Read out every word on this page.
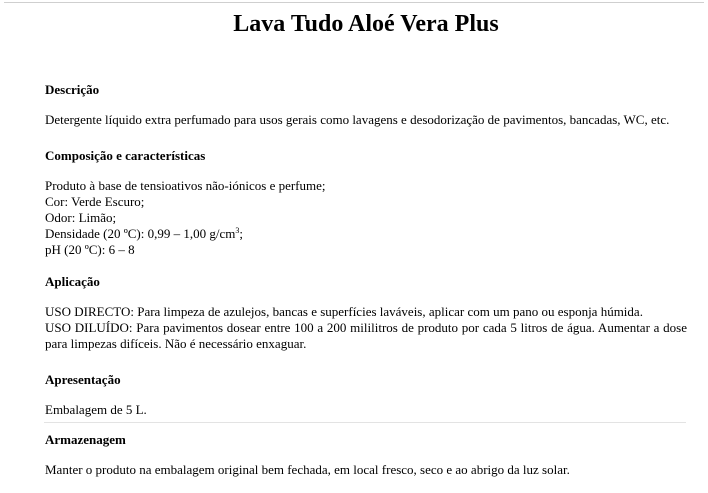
Lava Tudo Aloé Vera Plus
Descrição

Detergente líquido extra perfumado para usos gerais como lavagens e desodorização de pavimentos, bancadas, WC, etc.

Composição e características

Produto à base de tensioativos não-iónicos e perfume;
Cor: Verde Escuro;
Odor: Limão;
Densidade (20 ºC): 0,99 – 1,00 $g/cm^3$;
pH (20 ºC): 6 – 8

Aplicação

USO DIRECTO: Para limpeza de azulejos, bancas e superfícies laváveis, aplicar com um pano ou esponja húmida.
USO DILUÍDO: Para pavimentos dosear entre 100 a 200 mililitros de produto por cada 5 litros de água. Aumentar a dose para limpezas difíceis. Não é necessário enxaguar.

Apresentação

Embalagem de 5 L.

Armazenagem

Manter o produto na embalagem original bem fechada, em local fresco, seco e ao abrigo da luz solar.
